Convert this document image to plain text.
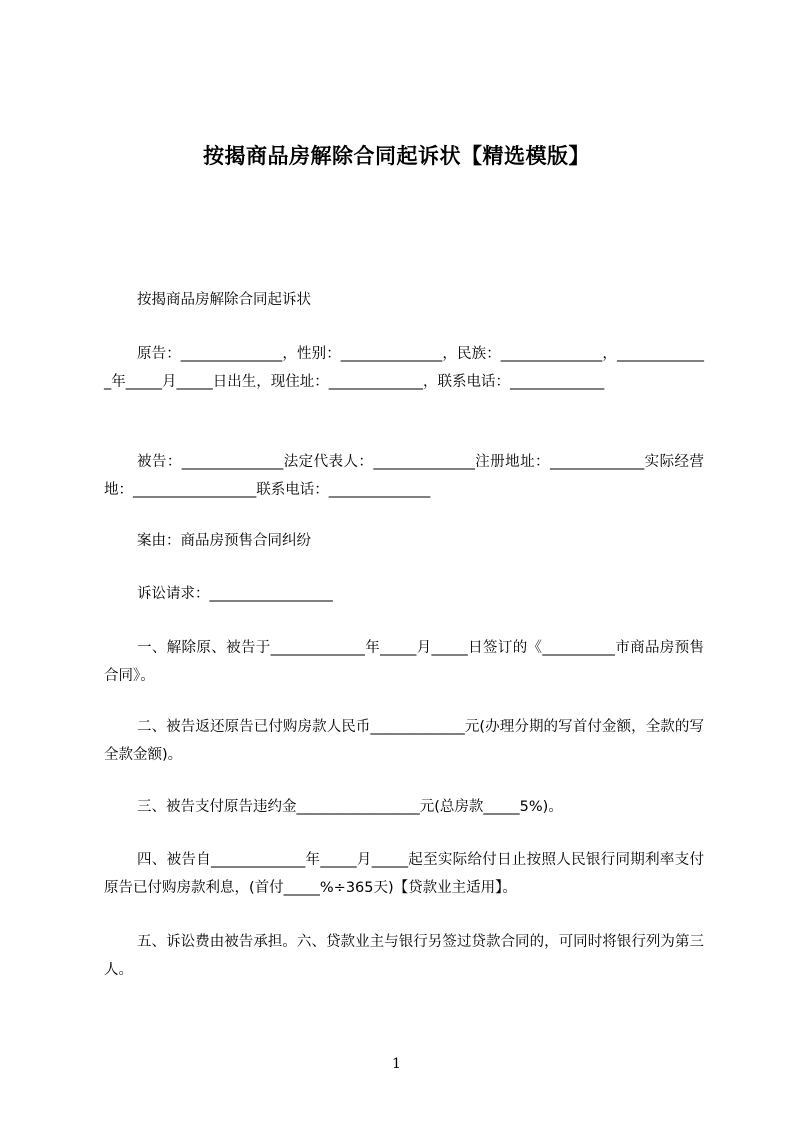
按揭商品房解除合同起诉状【精选模版】
按揭商品房解除合同起诉状
原告：______________，性别：______________，民族：______________，_____________年_____月_____日出生，现住址：_____________，联系电话：_____________
被告：______________法定代表人：______________注册地址：_____________实际经营地：_________________联系电话：______________
案由：商品房预售合同纠纷
诉讼请求：_________________
一、解除原、被告于_____________年_____月_____日签订的《__________市商品房预售合同》。
二、被告返还原告已付购房款人民币_____________元(办理分期的写首付金额，全款的写全款金额)。
三、被告支付原告违约金_________________元(总房款_____5%)。
四、被告自_____________年_____月_____起至实际给付日止按照人民银行同期利率支付原告已付购房款利息，(首付_____%÷365天)【贷款业主适用】。
五、诉讼费由被告承担。六、贷款业主与银行另签过贷款合同的，可同时将银行列为第三人。
1
